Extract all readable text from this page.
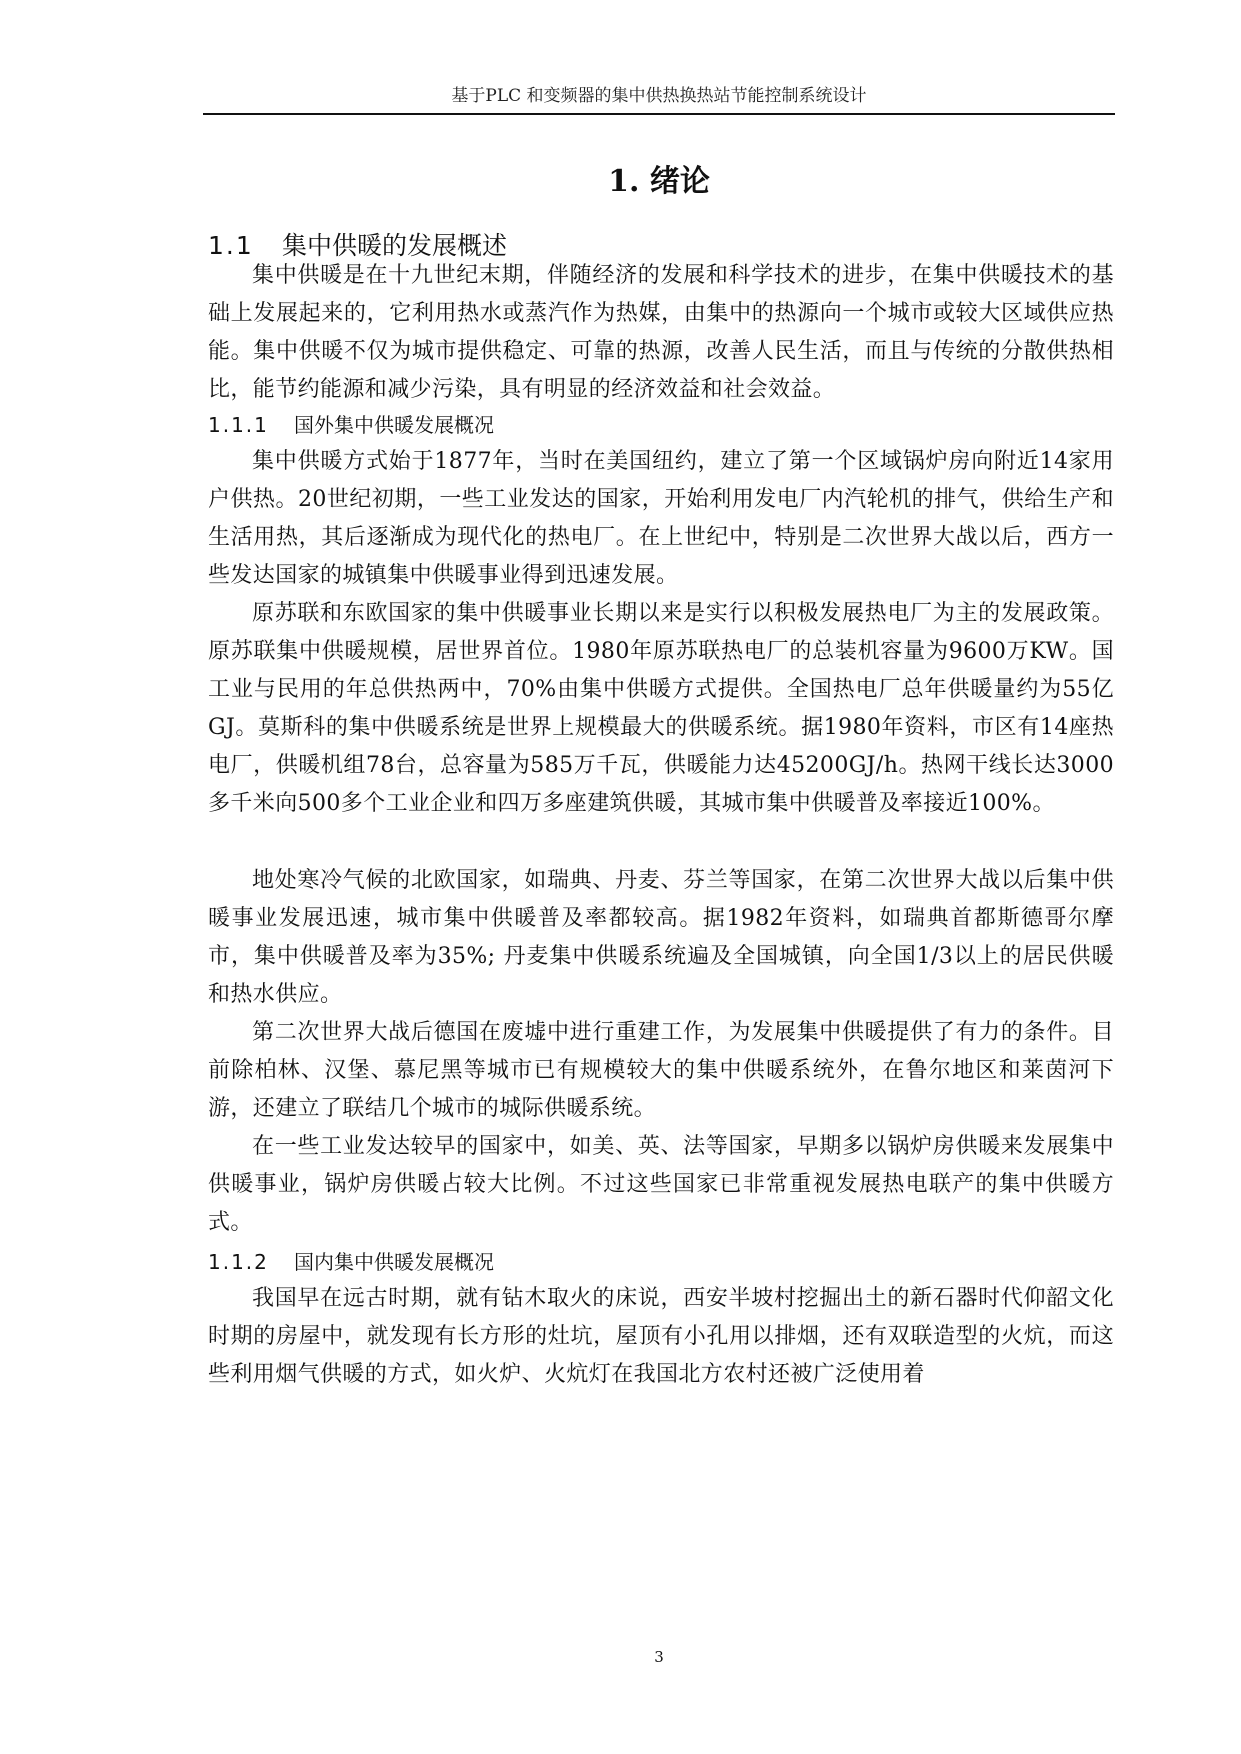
基于PLC 和变频器的集中供热换热站节能控制系统设计
1. 绪论
1.1 集中供暖的发展概述

集中供暖是在十九世纪末期，伴随经济的发展和科学技术的进步，在集中供暖技术的基础上发展起来的，它利用热水或蒸汽作为热媒，由集中的热源向一个城市或较大区域供应热能。集中供暖不仅为城市提供稳定、可靠的热源，改善人民生活，而且与传统的分散供热相比，能节约能源和减少污染，具有明显的经济效益和社会效益。

1.1.1 国外集中供暖发展概况

集中供暖方式始于1877年，当时在美国纽约，建立了第一个区域锅炉房向附近14家用户供热。20世纪初期，一些工业发达的国家，开始利用发电厂内汽轮机的排气，供给生产和生活用热，其后逐渐成为现代化的热电厂。在上世纪中，特别是二次世界大战以后，西方一些发达国家的城镇集中供暖事业得到迅速发展。

原苏联和东欧国家的集中供暖事业长期以来是实行以积极发展热电厂为主的发展政策。原苏联集中供暖规模，居世界首位。1980年原苏联热电厂的总装机容量为9600万KW。国工业与民用的年总供热两中，70%由集中供暖方式提供。全国热电厂总年供暖量约为55亿GJ。莫斯科的集中供暖系统是世界上规模最大的供暖系统。据1980年资料，市区有14座热电厂，供暖机组78台，总容量为585万千瓦，供暖能力达45200GJ/h。热网干线长达3000多千米向500多个工业企业和四万多座建筑供暖，其城市集中供暖普及率接近100%。

地处寒冷气候的北欧国家，如瑞典、丹麦、芬兰等国家，在第二次世界大战以后集中供暖事业发展迅速，城市集中供暖普及率都较高。据1982年资料，如瑞典首都斯德哥尔摩市，集中供暖普及率为35%; 丹麦集中供暖系统遍及全国城镇，向全国1/3以上的居民供暖和热水供应。

第二次世界大战后德国在废墟中进行重建工作，为发展集中供暖提供了有力的条件。目前除柏林、汉堡、慕尼黑等城市已有规模较大的集中供暖系统外，在鲁尔地区和莱茵河下游，还建立了联结几个城市的城际供暖系统。

在一些工业发达较早的国家中，如美、英、法等国家，早期多以锅炉房供暖来发展集中供暖事业，锅炉房供暖占较大比例。不过这些国家已非常重视发展热电联产的集中供暖方式。

1.1.2 国内集中供暖发展概况

我国早在远古时期，就有钻木取火的床说，西安半坡村挖掘出土的新石器时代仰韶文化时期的房屋中，就发现有长方形的灶坑，屋顶有小孔用以排烟，还有双联造型的火炕，而这些利用烟气供暖的方式，如火炉、火炕灯在我国北方农村还被广泛使用着

3
